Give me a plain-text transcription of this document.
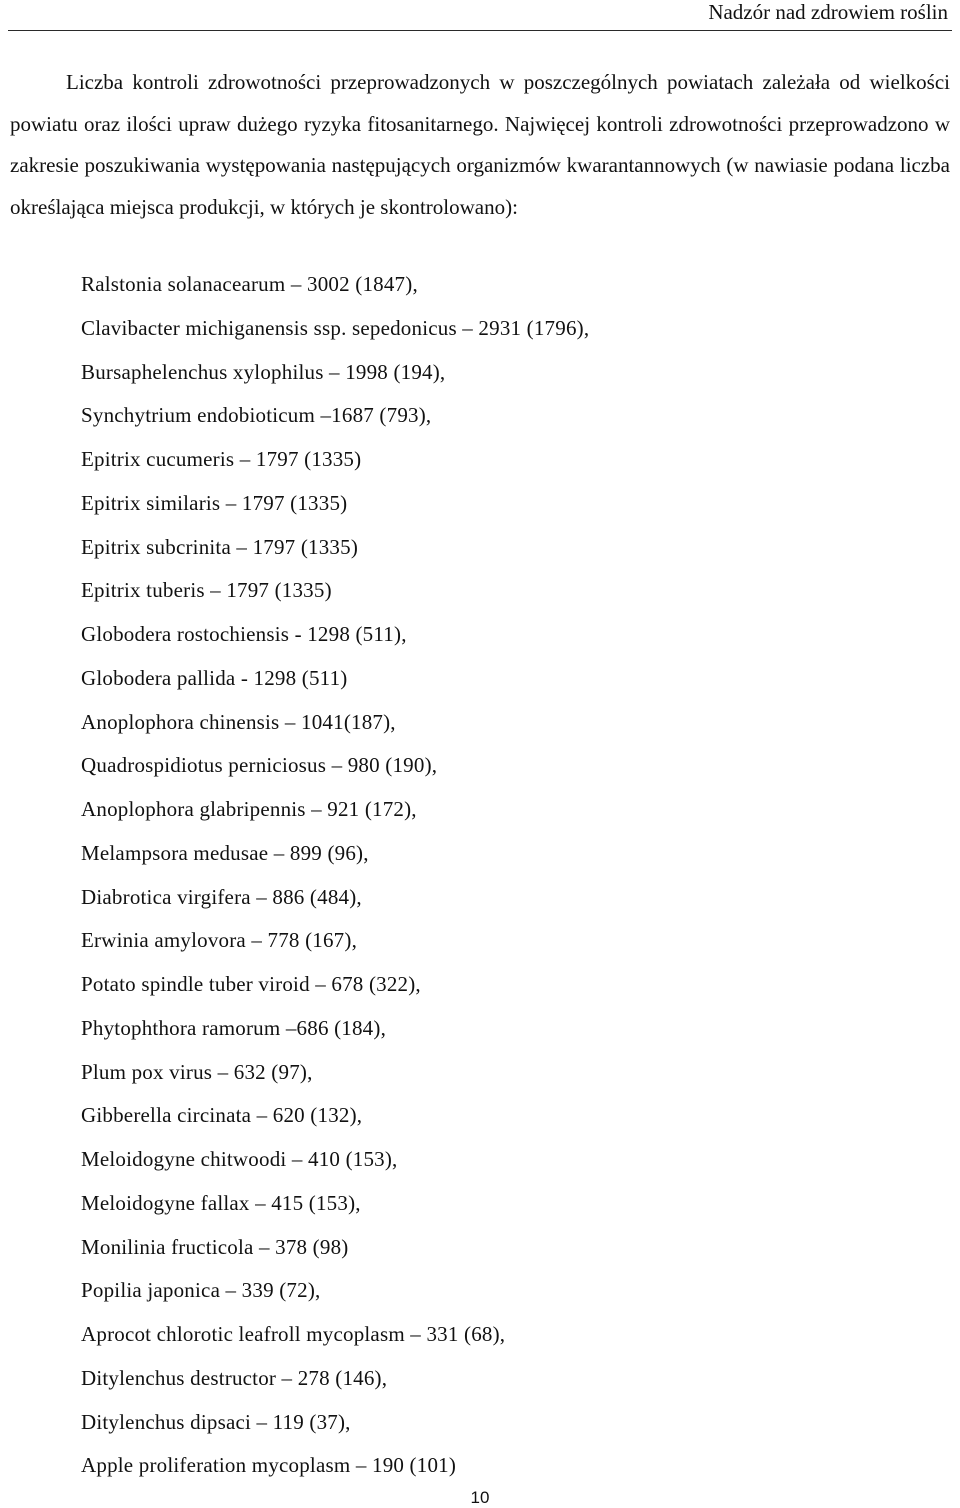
Nadzór nad zdrowiem roślin

Liczba kontroli zdrowotności przeprowadzonych w poszczególnych powiatach zależała od wielkości powiatu oraz ilości upraw dużego ryzyka fitosanitarnego. Najwięcej kontroli zdrowotności przeprowadzono w zakresie poszukiwania występowania następujących organizmów kwarantannowych (w nawiasie podana liczba określająca miejsca produkcji, w których je skontrolowano):

Ralstonia solanacearum – 3002 (1847),
Clavibacter michiganensis ssp. sepedonicus – 2931 (1796),
Bursaphelenchus xylophilus – 1998 (194),
Synchytrium endobioticum –1687 (793),
Epitrix cucumeris – 1797 (1335)
Epitrix similaris – 1797 (1335)
Epitrix subcrinita – 1797 (1335)
Epitrix tuberis – 1797 (1335)
Globodera rostochiensis - 1298 (511),
Globodera pallida - 1298 (511)
Anoplophora chinensis – 1041(187),
Quadrospidiotus perniciosus – 980 (190),
Anoplophora glabripennis – 921 (172),
Melampsora medusae – 899 (96),
Diabrotica virgifera – 886 (484),
Erwinia amylovora – 778 (167),
Potato spindle tuber viroid – 678 (322),
Phytophthora ramorum –686 (184),
Plum pox virus – 632 (97),
Gibberella circinata – 620 (132),
Meloidogyne chitwoodi – 410 (153),
Meloidogyne fallax – 415 (153),
Monilinia fructicola – 378 (98)
Popilia japonica – 339 (72),
Aprocot chlorotic leafroll mycoplasm – 331 (68),
Ditylenchus destructor – 278 (146),
Ditylenchus dipsaci – 119 (37),
Apple proliferation mycoplasm – 190 (101)
10
